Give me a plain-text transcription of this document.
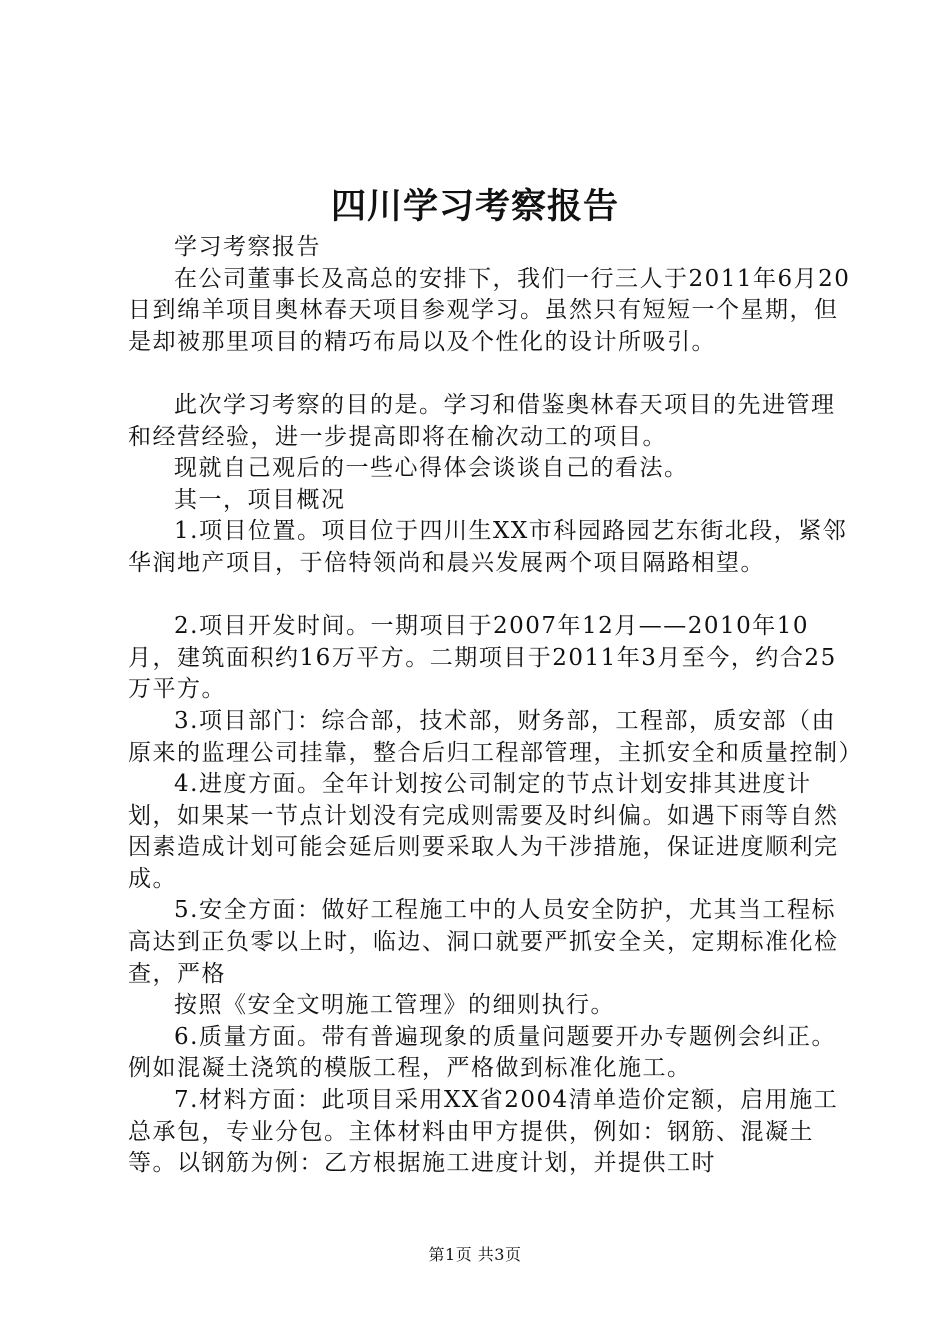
四川学习考察报告

学习考察报告

在公司董事长及高总的安排下，我们一行三人于2011年6月20日到绵羊项目奥林春天项目参观学习。虽然只有短短一个星期，但是却被那里项目的精巧布局以及个性化的设计所吸引。

此次学习考察的目的是。学习和借鉴奥林春天项目的先进管理和经营经验，进一步提高即将在榆次动工的项目。

现就自己观后的一些心得体会谈谈自己的看法。

其一，项目概况

1.项目位置。项目位于四川生XX市科园路园艺东街北段，紧邻华润地产项目，于倍特领尚和晨兴发展两个项目隔路相望。

2.项目开发时间。一期项目于2007年12月——2010年10月，建筑面积约16万平方。二期项目于2011年3月至今，约合25万平方。

3.项目部门：综合部，技术部，财务部，工程部，质安部（由原来的监理公司挂靠，整合后归工程部管理，主抓安全和质量控制）

4.进度方面。全年计划按公司制定的节点计划安排其进度计划，如果某一节点计划没有完成则需要及时纠偏。如遇下雨等自然因素造成计划可能会延后则要采取人为干涉措施，保证进度顺利完成。

5.安全方面：做好工程施工中的人员安全防护，尤其当工程标高达到正负零以上时，临边、洞口就要严抓安全关，定期标准化检查，严格

按照《安全文明施工管理》的细则执行。

6.质量方面。带有普遍现象的质量问题要开办专题例会纠正。例如混凝土浇筑的模版工程，严格做到标准化施工。

7.材料方面：此项目采用XX省2004清单造价定额，启用施工总承包，专业分包。主体材料由甲方提供，例如：钢筋、混凝土等。以钢筋为例：乙方根据施工进度计划，并提供工时

第1页 共3页
